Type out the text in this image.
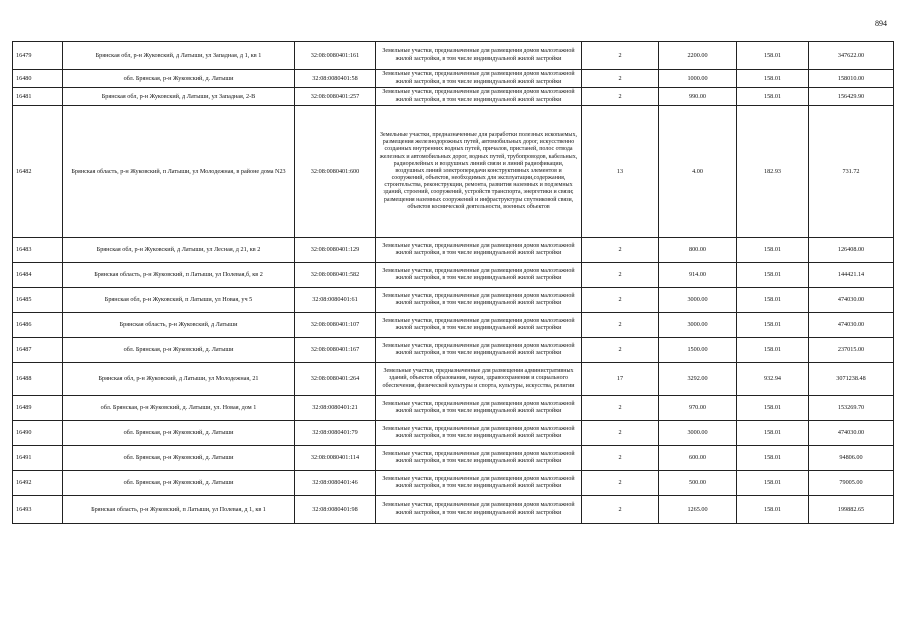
894
16479	Брянская обл, р-н Жуковский, д Латыши, ул Западная, д 1, кв 1	32:08:0080401:161	Земельные участки, предназначенные для размещения домов малоэтажной жилой застройки, в том числе индивидуальной жилой застройки	2	2200.00	158.01	347622.00
16480	обл. Брянская, р-н Жуковский, д. Латыши	32:08:0080401:58	Земельные участки, предназначенные для размещения домов малоэтажной жилой застройки, в том числе индивидуальной жилой застройки	2	1000.00	158.01	158010.00
16481	Брянская обл, р-н Жуковский, д Латыши, ул Западная, 2-В	32:08:0080401:257	Земельные участки, предназначенные для размещения домов малоэтажной жилой застройки, в том числе индивидуальной жилой застройки	2	990.00	158.01	156429.90
16482	Брянская область, р-н Жуковский, п Латыши, ул Молодежная, в районе дома N23	32:08:0080401:600	Земельные участки, предназначенные для разработки полезных ископаемых, размещения железнодорожных путей, автомобильных дорог, искусственно созданных внутренних водных путей, причалов, пристаней, полос отвода железных и автомобильных дорог, водных путей, трубопроводов, кабельных, радиорелейных и воздушных линий связи и линий радиофикации, воздушных линий электропередачи конструктивных элементов и сооружений, объектов, необходимых для эксплуатации,содержания, строительства, реконструкции, ремонта, развития наземных и подземных зданий, строений, сооружений, устройств транспорта, энергетики и связи; размещения наземных сооружений и инфраструктуры спутниковой связи, объектов космической деятельности, военных объектов	13	4.00	182.93	731.72
16483	Брянская обл, р-н Жуковский, д Латыши, ул Лесная, д 21, кв 2	32:08:0080401:129	Земельные участки, предназначенные для размещения домов малоэтажной жилой застройки, в том числе индивидуальной жилой застройки	2	800.00	158.01	126408.00
16484	Брянская область, р-н Жуковский, п Латыши, ул Полевая,б, кв 2	32:08:0080401:582	Земельные участки, предназначенные для размещения домов малоэтажной жилой застройки, в том числе индивидуальной жилой застройки	2	914.00	158.01	144421.14
16485	Брянская обл, р-н Жуковский, п Латыши, ул Новая, уч 5	32:08:0080401:61	Земельные участки, предназначенные для размещения домов малоэтажной жилой застройки, в том числе индивидуальной жилой застройки	2	3000.00	158.01	474030.00
16486	Брянская область, р-н Жуковский, д Латыши	32:08:0080401:107	Земельные участки, предназначенные для размещения домов малоэтажной жилой застройки, в том числе индивидуальной жилой застройки	2	3000.00	158.01	474030.00
16487	обл. Брянская, р-н Жуковский, д. Латыши	32:08:0080401:167	Земельные участки, предназначенные для размещения домов малоэтажной жилой застройки, в том числе индивидуальной жилой застройки	2	1500.00	158.01	237015.00
16488	Брянская обл, р-н Жуковский, д Латыши, ул Молодежная, 21	32:08:0080401:264	Земельные участки, предназначенные для размещения административных зданий, объектов образования, науки, здравоохранения и социального обеспечения, физической культуры и спорта, культуры, искусства, религии	17	3292.00	932.94	3071238.48
16489	обл. Брянская, р-н Жуковский, д. Латыши, ул. Новая, дом 1	32:08:0080401:21	Земельные участки, предназначенные для размещения домов малоэтажной жилой застройки, в том числе индивидуальной жилой застройки	2	970.00	158.01	153269.70
16490	обл. Брянская, р-н Жуковский, д. Латыши	32:08:0080401:79	Земельные участки, предназначенные для размещения домов малоэтажной жилой застройки, в том числе индивидуальной жилой застройки	2	3000.00	158.01	474030.00
16491	обл. Брянская, р-н Жуковский, д. Латыши	32:08:0080401:114	Земельные участки, предназначенные для размещения домов малоэтажной жилой застройки, в том числе индивидуальной жилой застройки	2	600.00	158.01	94806.00
16492	обл. Брянская, р-н Жуковский, д. Латыши	32:08:0080401:46	Земельные участки, предназначенные для размещения домов малоэтажной жилой застройки, в том числе индивидуальной жилой застройки	2	500.00	158.01	79005.00
16493	Брянская область, р-н Жуковский, п Латыши, ул Полевая, д 1, кв 1	32:08:0080401:98	Земельные участки, предназначенные для размещения домов малоэтажной жилой застройки, в том числе индивидуальной жилой застройки	2	1265.00	158.01	199882.65
